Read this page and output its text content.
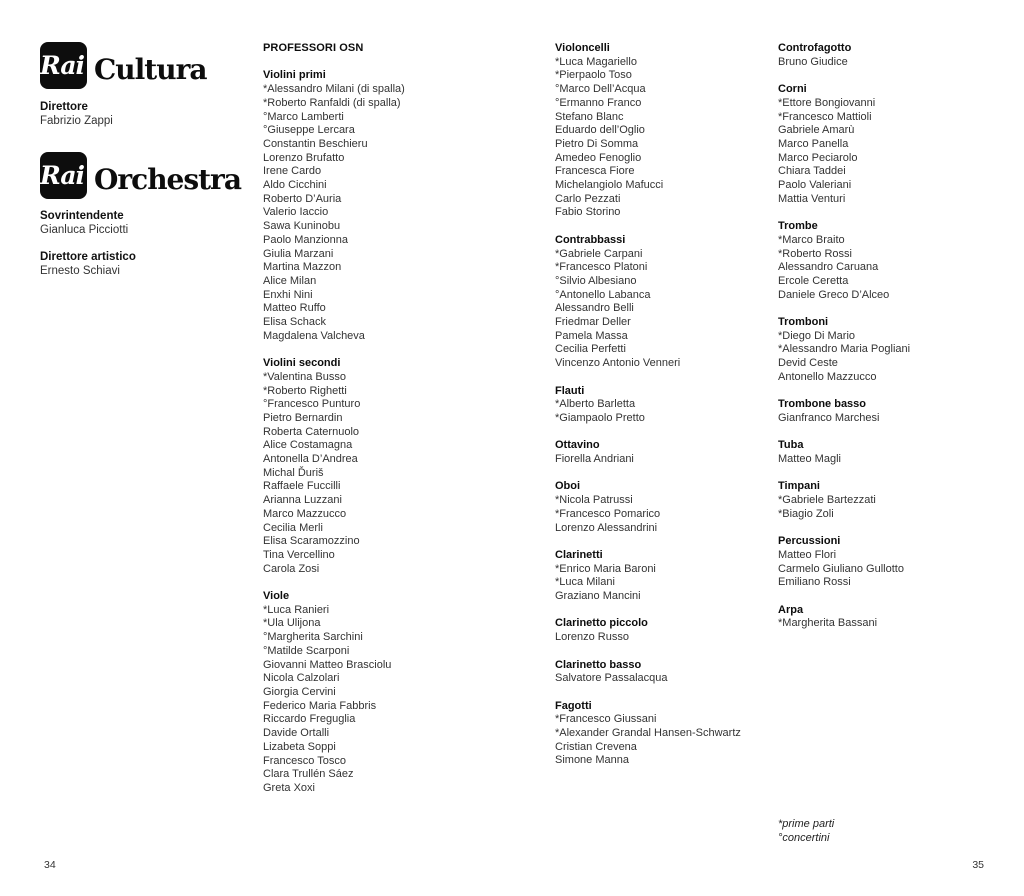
Rai Cultura
Direttore
Fabrizio Zappi
Rai Orchestra
Sovrintendente
Gianluca Picciotti
Direttore artistico
Ernesto Schiavi
PROFESSORI OSN
Violini primi
*Alessandro Milani (di spalla)
*Roberto Ranfaldi (di spalla)
°Marco Lamberti
°Giuseppe Lercara
Constantin Beschieru
Lorenzo Brufatto
Irene Cardo
Aldo Cicchini
Roberto D’Auria
Valerio Iaccio
Sawa Kuninobu
Paolo Manzionna
Giulia Marzani
Martina Mazzon
Alice Milan
Enxhi Nini
Matteo Ruffo
Elisa Schack
Magdalena Valcheva
Violini secondi
*Valentina Busso
*Roberto Righetti
°Francesco Punturo
Pietro Bernardin
Roberta Caternuolo
Alice Costamagna
Antonella D’Andrea
Michal Ďuriš
Raffaele Fuccilli
Arianna Luzzani
Marco Mazzucco
Cecilia Merli
Elisa Scaramozzino
Tina Vercellino
Carola Zosi
Viole
*Luca Ranieri
*Ula Ulijona
°Margherita Sarchini
°Matilde Scarponi
Giovanni Matteo Brasciolu
Nicola Calzolari
Giorgia Cervini
Federico Maria Fabbris
Riccardo Freguglia
Davide Ortalli
Lizabeta Soppi
Francesco Tosco
Clara Trullén Sáez
Greta Xoxi
Violoncelli
*Luca Magariello
*Pierpaolo Toso
°Marco Dell’Acqua
°Ermanno Franco
Stefano Blanc
Eduardo dell’Oglio
Pietro Di Somma
Amedeo Fenoglio
Francesca Fiore
Michelangiolo Mafucci
Carlo Pezzati
Fabio Storino
Contrabbassi
*Gabriele Carpani
*Francesco Platoni
°Silvio Albesiano
°Antonello Labanca
Alessandro Belli
Friedmar Deller
Pamela Massa
Cecilia Perfetti
Vincenzo Antonio Venneri
Flauti
*Alberto Barletta
*Giampaolo Pretto
Ottavino
Fiorella Andriani
Oboi
*Nicola Patrussi
*Francesco Pomarico
Lorenzo Alessandrini
Clarinetti
*Enrico Maria Baroni
*Luca Milani
Graziano Mancini
Clarinetto piccolo
Lorenzo Russo
Clarinetto basso
Salvatore Passalacqua
Fagotti
*Francesco Giussani
*Alexander Grandal Hansen-Schwartz
Cristian Crevena
Simone Manna
Controfagotto
Bruno Giudice
Corni
*Ettore Bongiovanni
*Francesco Mattioli
Gabriele Amarù
Marco Panella
Marco Peciarolo
Chiara Taddei
Paolo Valeriani
Mattia Venturi
Trombe
*Marco Braito
*Roberto Rossi
Alessandro Caruana
Ercole Ceretta
Daniele Greco D’Alceo
Tromboni
*Diego Di Mario
*Alessandro Maria Pogliani
Devid Ceste
Antonello Mazzucco
Trombone basso
Gianfranco Marchesi
Tuba
Matteo Magli
Timpani
*Gabriele Bartezzati
*Biagio Zoli
Percussioni
Matteo Flori
Carmelo Giuliano Gullotto
Emiliano Rossi
Arpa
*Margherita Bassani
*prime parti
°concertini
34	35
